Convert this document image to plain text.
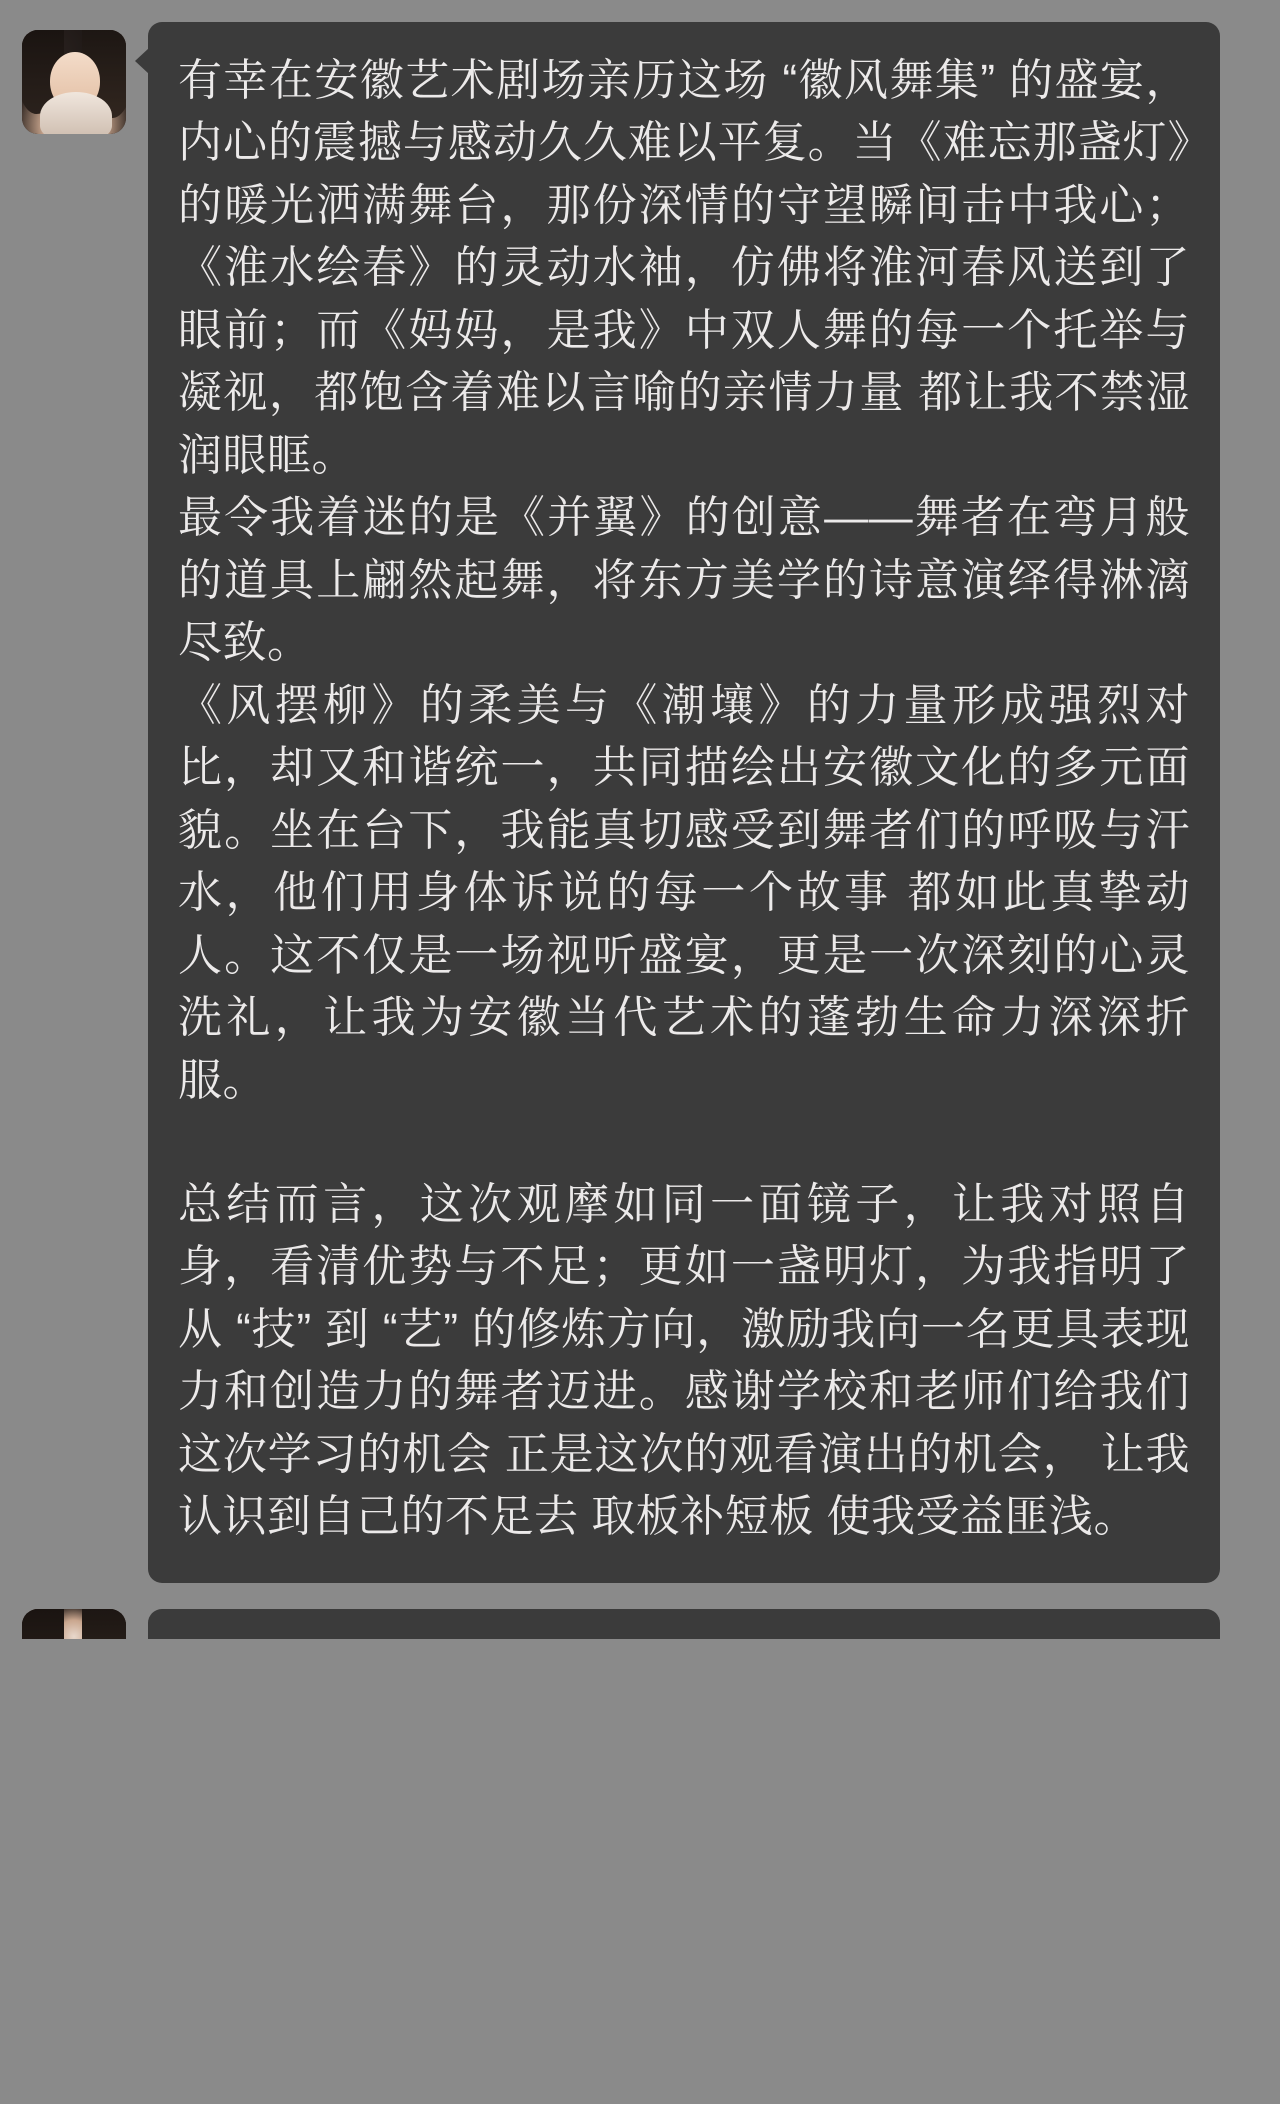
有幸在安徽艺术剧场亲历这场 “徽风舞集” 的盛宴，内心的震撼与感动久久难以平复。当《难忘那盏灯》的暖光洒满舞台，那份深情的守望瞬间击中我心；《淮水绘春》的灵动水袖，仿佛将淮河春风送到了眼前；而《妈妈，是我》中双人舞的每一个托举与凝视，都饱含着难以言喻的亲情力量 都让我不禁湿润眼眶。

最令我着迷的是《并翼》的创意——舞者在弯月般的道具上翩然起舞，将东方美学的诗意演绎得淋漓尽致。

《风摆柳》的柔美与《潮壤》的力量形成强烈对比，却又和谐统一，共同描绘出安徽文化的多元面貌。坐在台下，我能真切感受到舞者们的呼吸与汗水，他们用身体诉说的每一个故事 都如此真挚动人。这不仅是一场视听盛宴，更是一次深刻的心灵洗礼，让我为安徽当代艺术的蓬勃生命力深深折服。

总结而言，这次观摩如同一面镜子，让我对照自身，看清优势与不足；更如一盏明灯，为我指明了从 “技” 到 “艺” 的修炼方向，激励我向一名更具表现力和创造力的舞者迈进。感谢学校和老师们给我们这次学习的机会 正是这次的观看演出的机会， 让我认识到自己的不足去 取板补短板 使我受益匪浅。
